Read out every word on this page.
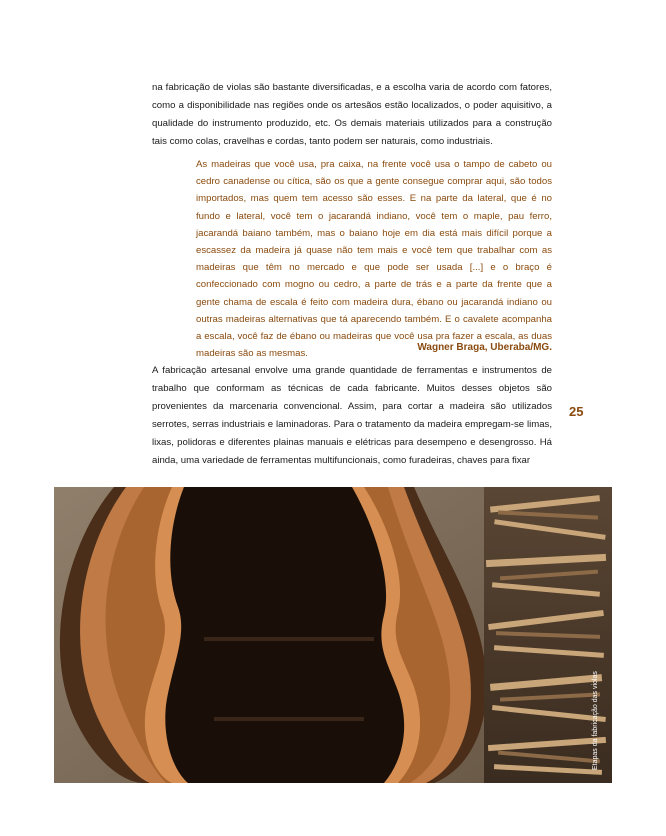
na fabricação de violas são bastante diversificadas, e a escolha varia de acordo com fatores, como a disponibilidade nas regiões onde os artesãos estão localizados, o poder aquisitivo, a qualidade do instrumento produzido, etc. Os demais materiais utilizados para a construção tais como colas, cravelhas e cordas, tanto podem ser naturais, como industriais.

As madeiras que você usa, pra caixa, na frente você usa o tampo de cabeto ou cedro canadense ou cítica, são os que a gente consegue comprar aqui, são todos importados, mas quem tem acesso são esses. E na parte da lateral, que é no fundo e lateral, você tem o jacarandá indiano, você tem o maple, pau ferro, jacarandá baiano também, mas o baiano hoje em dia está mais difícil porque a escassez da madeira já quase não tem mais e você tem que trabalhar com as madeiras que têm no mercado e que pode ser usada [...] e o braço é confeccionado com mogno ou cedro, a parte de trás e a parte da frente que a gente chama de escala é feito com madeira dura, ébano ou jacarandá indiano ou outras madeiras alternativas que tá aparecendo também. E o cavalete acompanha a escala, você faz de ébano ou madeiras que você usa pra fazer a escala, as duas madeiras são as mesmas.

Wagner Braga, Uberaba/MG.

A fabricação artesanal envolve uma grande quantidade de ferramentas e instrumentos de trabalho que conformam as técnicas de cada fabricante. Muitos desses objetos são provenientes da marcenaria convencional. Assim, para cortar a madeira são utilizados serrotes, serras industriais e laminadoras. Para o tratamento da madeira empregam-se limas, lixas, polidoras e diferentes plainas manuais e elétricas para desempeno e desengrosso. Há ainda, uma variedade de ferramentas multifuncionais, como furadeiras, chaves para fixar

25
Etapas da fabricação das violas
